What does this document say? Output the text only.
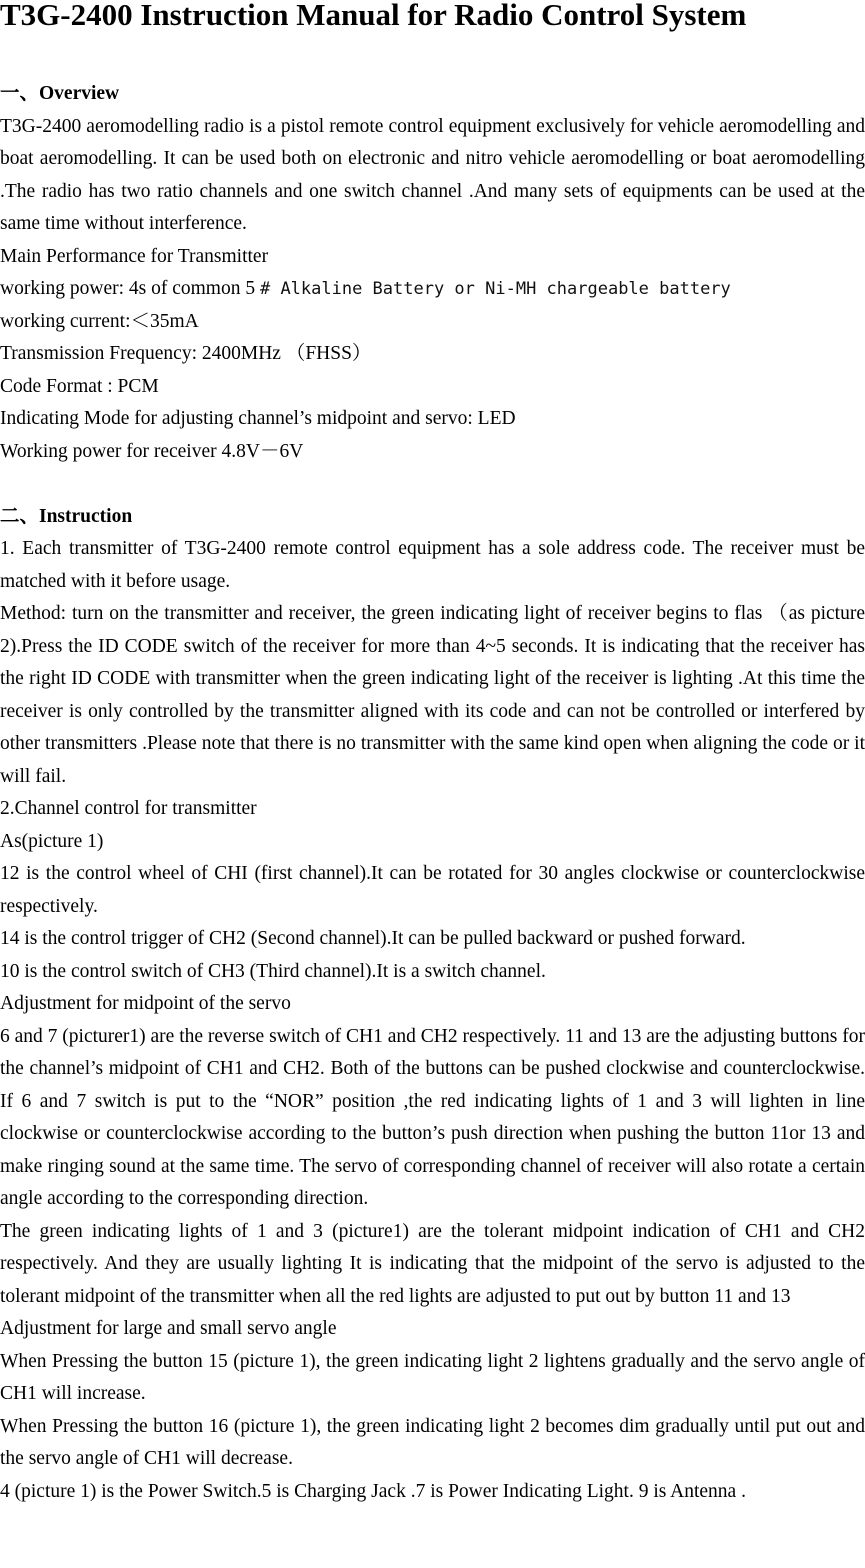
T3G-2400 Instruction Manual for Radio Control System
一、Overview

T3G-2400 aeromodelling radio is a pistol remote control equipment exclusively for vehicle aeromodelling and boat aeromodelling. It can be used both on electronic and nitro vehicle aeromodelling or boat aeromodelling .The radio has two ratio channels and one switch channel .And many sets of equipments can be used at the same time without interference.

Main Performance for Transmitter

working power: 4s of common 5 # Alkaline Battery or Ni-MH chargeable battery

working current:＜35mA

Transmission Frequency: 2400MHz （FHSS）

Code Format : PCM

Indicating Mode for adjusting channel’s midpoint and servo: LED

Working power for receiver 4.8V－6V

二、Instruction

1. Each transmitter of T3G-2400 remote control equipment has a sole address code. The receiver must be matched with it before usage.

Method: turn on the transmitter and receiver, the green indicating light of receiver begins to flas （as picture 2).Press the ID CODE switch of the receiver for more than 4~5 seconds. It is indicating that the receiver has the right ID CODE with transmitter when the green indicating light of the receiver is lighting .At this time the receiver is only controlled by the transmitter aligned with its code and can not be controlled or interfered by other transmitters .Please note that there is no transmitter with the same kind open when aligning the code or it will fail.

2.Channel control for transmitter

As(picture 1)

12 is the control wheel of CHI (first channel).It can be rotated for 30 angles clockwise or counterclockwise respectively.

14 is the control trigger of CH2 (Second channel).It can be pulled backward or pushed forward.

10 is the control switch of CH3 (Third channel).It is a switch channel.

Adjustment for midpoint of the servo

6 and 7 (picturer1) are the reverse switch of CH1 and CH2 respectively. 11 and 13 are the adjusting buttons for the channel’s midpoint of CH1 and CH2. Both of the buttons can be pushed clockwise and counterclockwise. If 6 and 7 switch is put to the “NOR” position ,the red indicating lights of 1 and 3 will lighten in line clockwise or counterclockwise according to the button’s push direction when pushing the button 11or 13 and make ringing sound at the same time. The servo of corresponding channel of receiver will also rotate a certain angle according to the corresponding direction.

The green indicating lights of 1 and 3 (picture1) are the tolerant midpoint indication of CH1 and CH2 respectively. And they are usually lighting It is indicating that the midpoint of the servo is adjusted to the tolerant midpoint of the transmitter when all the red lights are adjusted to put out by button 11 and 13

Adjustment for large and small servo angle

When Pressing the button 15 (picture 1), the green indicating light 2 lightens gradually and the servo angle of CH1 will increase.

When Pressing the button 16 (picture 1), the green indicating light 2 becomes dim gradually until put out and the servo angle of CH1 will decrease.

4 (picture 1) is the Power Switch.5 is Charging Jack .7 is Power Indicating Light. 9 is Antenna .
